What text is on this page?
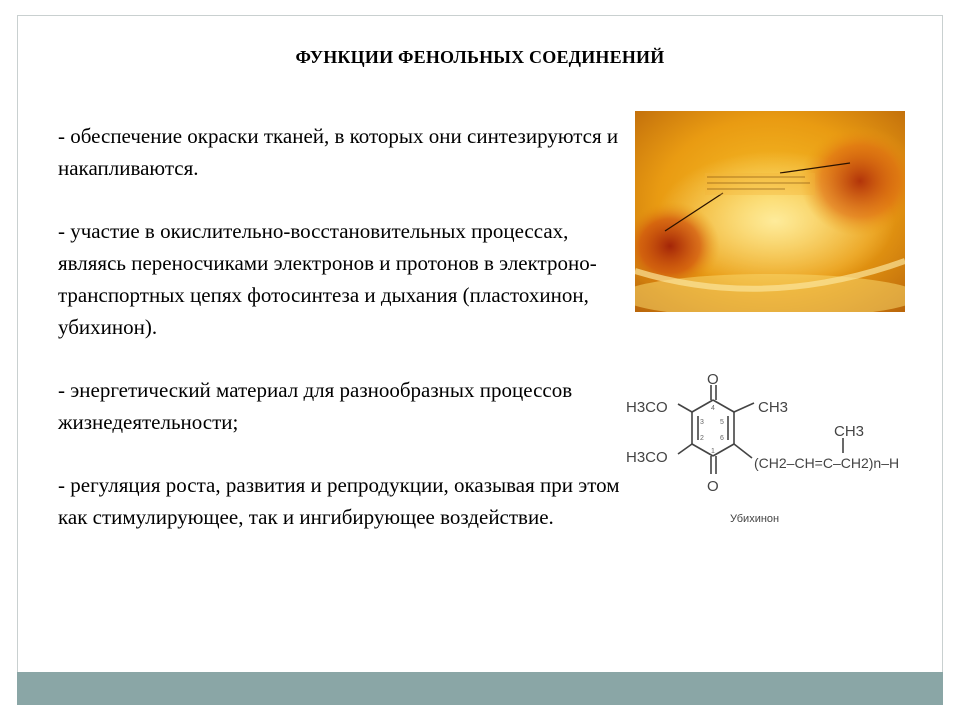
ФУНКЦИИ ФЕНОЛЬНЫХ СОЕДИНЕНИЙ

- обеспечение окраски тканей, в которых они синтезируются и накапливаются.

- участие в окислительно-восстановительных процессах, являясь переносчиками электронов и протонов в электроно-транспортных цепях фотосинтеза и дыхания (пластохинон, убихинон).

- энергетический материал для разнообразных процессов жизнедеятельности;

- регуляция роста, развития и репродукции, оказывая при этом как стимулирующее, так и ингибирующее воздействие.

4
5
6
1
2
3
O
O
H3CO
H3CO
CH3
CH3
(CH2–CH=C–CH2)n–H
Убихинон
